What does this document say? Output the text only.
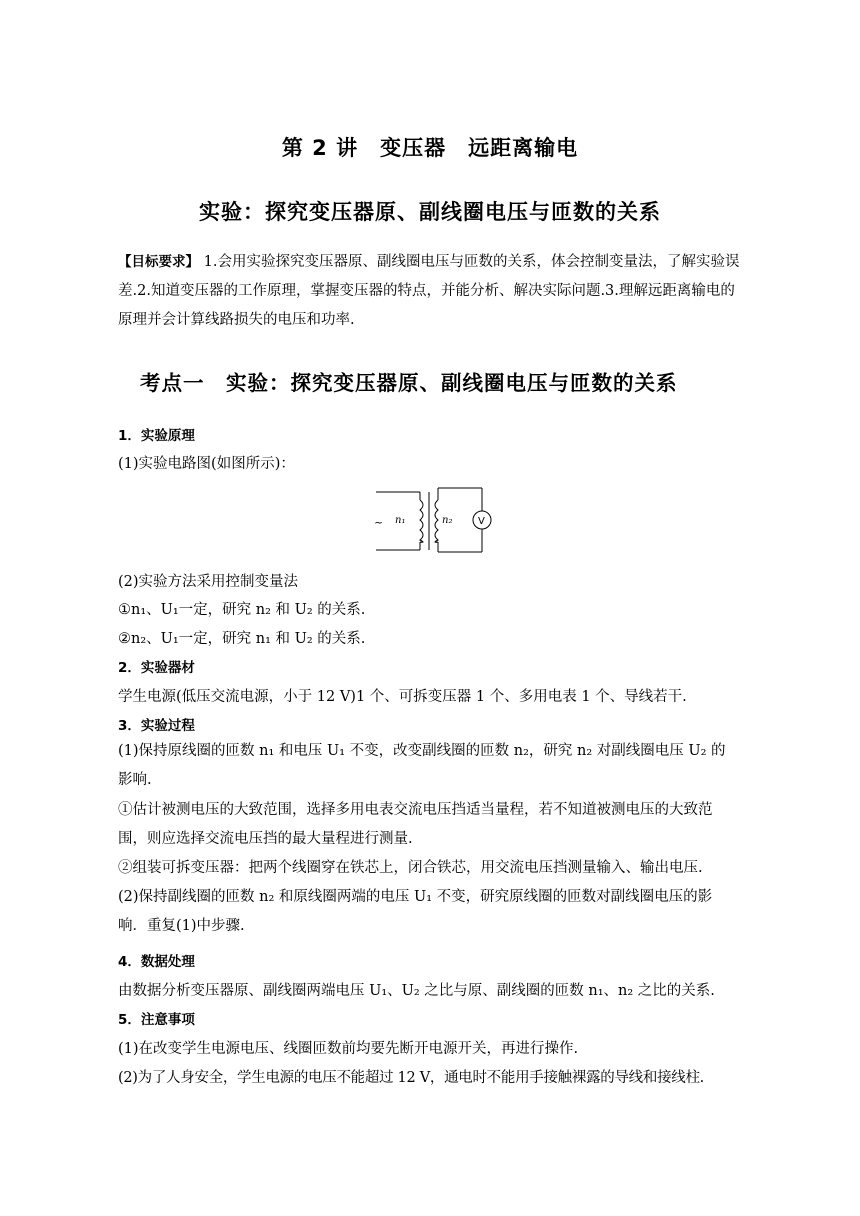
第 2 讲　变压器　远距离输电
实验：探究变压器原、副线圈电压与匝数的关系
【目标要求】 1.会用实验探究变压器原、副线圈电压与匝数的关系，体会控制变量法，了解实验误差.2.知道变压器的工作原理，掌握变压器的特点，并能分析、解决实际问题.3.理解远距离输电的原理并会计算线路损失的电压和功率.
考点一　实验：探究变压器原、副线圈电压与匝数的关系
1．实验原理
(1)实验电路图(如图所示)：
~ n₁	n₂	V
(2)实验方法采用控制变量法
①n₁、U₁一定，研究 n₂ 和 U₂ 的关系.
②n₂、U₁一定，研究 n₁ 和 U₂ 的关系.
2．实验器材
学生电源(低压交流电源，小于 12 V)1 个、可拆变压器 1 个、多用电表 1 个、导线若干.
3．实验过程
(1)保持原线圈的匝数 n₁ 和电压 U₁ 不变，改变副线圈的匝数 n₂，研究 n₂ 对副线圈电压 U₂ 的影响.
①估计被测电压的大致范围，选择多用电表交流电压挡适当量程，若不知道被测电压的大致范围，则应选择交流电压挡的最大量程进行测量.
②组装可拆变压器：把两个线圈穿在铁芯上，闭合铁芯，用交流电压挡测量输入、输出电压.
(2)保持副线圈的匝数 n₂ 和原线圈两端的电压 U₁ 不变，研究原线圈的匝数对副线圈电压的影响．重复(1)中步骤.
4．数据处理
由数据分析变压器原、副线圈两端电压 U₁、U₂ 之比与原、副线圈的匝数 n₁、n₂ 之比的关系.
5．注意事项
(1)在改变学生电源电压、线圈匝数前均要先断开电源开关，再进行操作.
(2)为了人身安全，学生电源的电压不能超过 12 V，通电时不能用手接触裸露的导线和接线柱.
